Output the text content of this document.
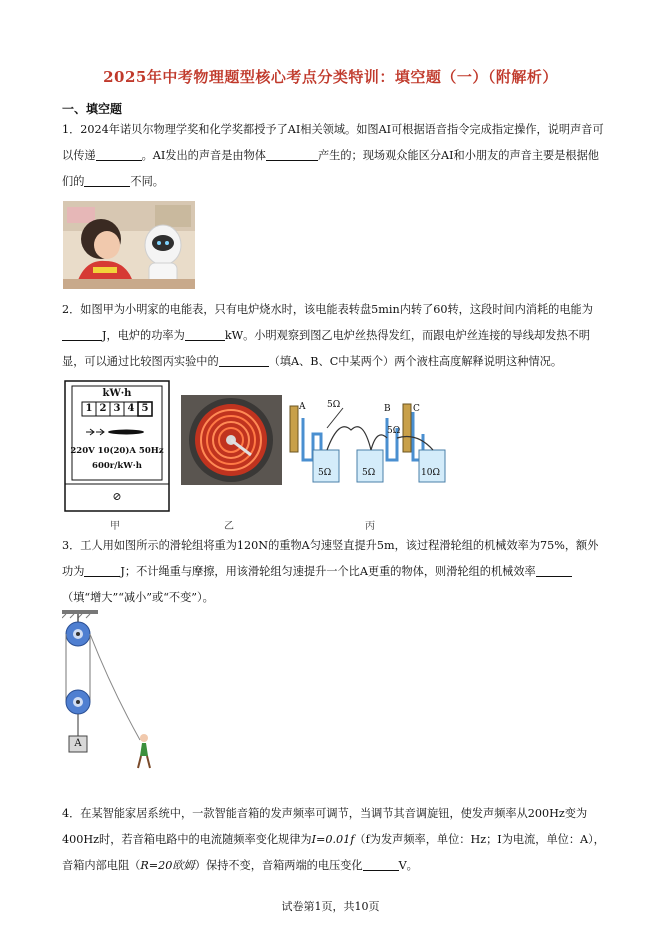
2025年中考物理题型核心考点分类特训：填空题（一）（附解析）
一、填空题
1．2024年诺贝尔物理学奖和化学奖都授予了AI相关领域。如图AI可根据语音指令完成指定操作，说明声音可以传递	。AI发出的声音是由物体	产生的；现场观众能区分AI和小朋友的声音主要是根据他们的	不同。
2．如图甲为小明家的电能表，只有电炉烧水时，该电能表转盘5min内转了60转，这段时间内消耗的电能为J，电炉的功率为	kW。小明观察到图乙电炉丝热得发红，而跟电炉丝连接的导线却发热不明显，可以通过比较图丙实验中的	（填A、B、C中某两个）两个液柱高度解释说明这种情况。
kW·h
1 2 3 4 5
220V 10(20)A 50Hz
600r/kW·h
⊘
甲	乙
A	B C
5Ω
5Ω
5Ω	5Ω	10Ω
丙
3．工人用如图所示的滑轮组将重为120N的重物A匀速竖直提升5m，该过程滑轮组的机械效率为75%，额外功为	J；不计绳重与摩擦，用该滑轮组匀速提升一个比A更重的物体，则滑轮组的机械效率（填“增大”“减小”或“不变”）。
A
4．在某智能家居系统中，一款智能音箱的发声频率可调节，当调节其音调旋钮，使发声频率从200Hz变为400Hz时，若音箱电路中的电流随频率变化规律为I=0.01f（f为发声频率，单位：Hz；I为电流，单位：A），音箱内部电阻（R=20欧姆）保持不变，音箱两端的电压变化	V。
试卷第1页，共10页
